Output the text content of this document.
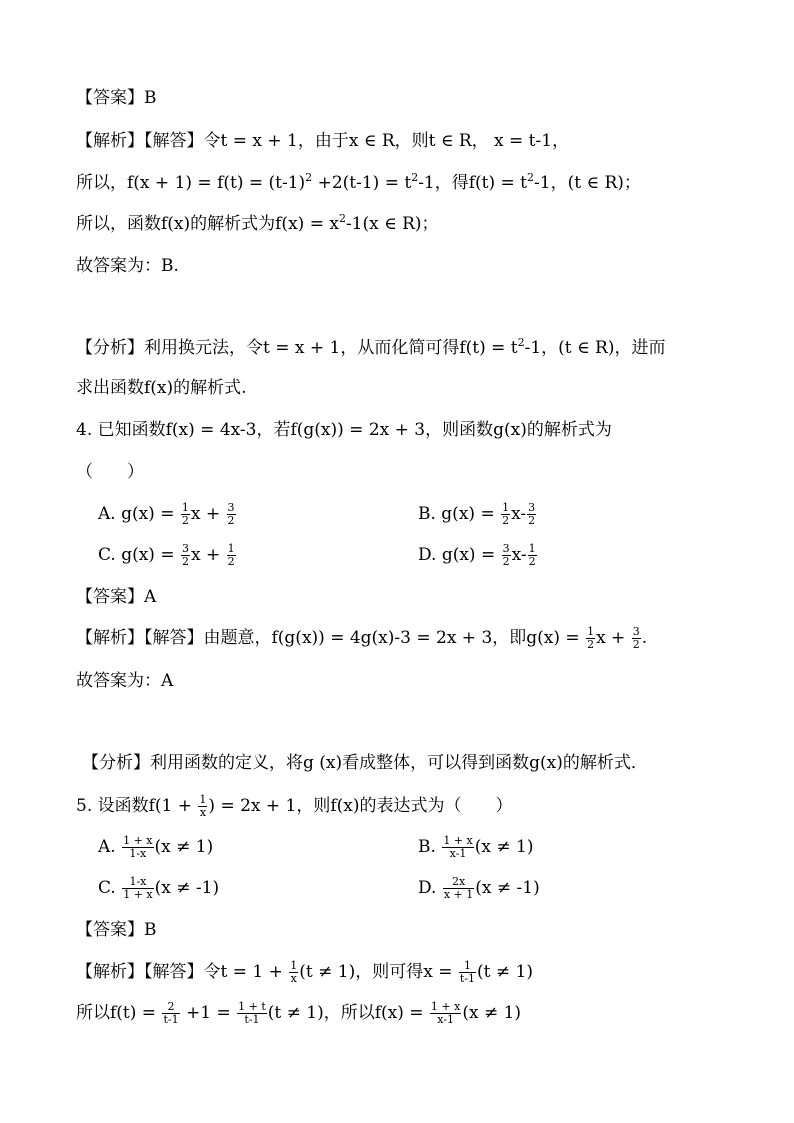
【答案】B
【解析】【解答】令t = x + 1，由于x ∈ R，则t ∈ R， x = t-1，
所以，$f(x + 1) = f(t) = (t-1)^2 +2(t-1) = t^2-1$，得$f(t) = t^2-1$，(t ∈ R)；
所以，函数f(x)的解析式为$f(x) = x^2-1(x$ ∈ R)；
故答案为：B.
【分析】利用换元法，令t = x + 1，从而化简可得$f(t) = t^2-1$，(t ∈ R)，进而
求出函数f(x)的解析式.
4. 已知函数f(x) = 4x-3，若f(g(x)) = 2x + 3，则函数g(x)的解析式为
（　　）
A. $g(x) = \frac{1}{2}$ $x + \frac{3}{2}$	B. $g(x) = \frac{1}{2} x- \frac{3}{2}$
C. $g(x) = \frac{3}{2}$ $x + \frac{1}{2}$	D. $g(x) = \frac{3}{2} x- \frac{1}{2}$
【答案】A
【解析】【解答】由题意，f(g(x)) = 4g(x)-3 = 2x + 3，即$g(x) = \frac{1}{2}$ $x + \frac{3}{2}$ .
故答案为：A
【分析】利用函数的定义，将g (x)看成整体，可以得到函数g(x)的解析式．
5. 设函数$f(1 + \frac{1}{x}$ ) = 2x + 1，则f(x)的表达式为（　　）
A. $\frac{1 + x}{1-x} (x \ne 1)$	B. $\frac{1 + x}{x-1} (x \ne 1)$
C. $\frac{1-x}{1 + x} (x \ne -1)$	D. $\frac{2x}{x + 1} (x \ne -1)$
【答案】B
【解析】【解答】令$t = 1 + \frac{1}{x} (t \ne 1)$，则可得$x = \frac{1}{t-1} (t \ne 1)$
所以$f(t) = \frac{2}{t-1} +1 = \frac{1 + t}{t-1} (t \ne 1)$，所以$f(x) = \frac{1 + x}{x-1} (x \ne 1)$
